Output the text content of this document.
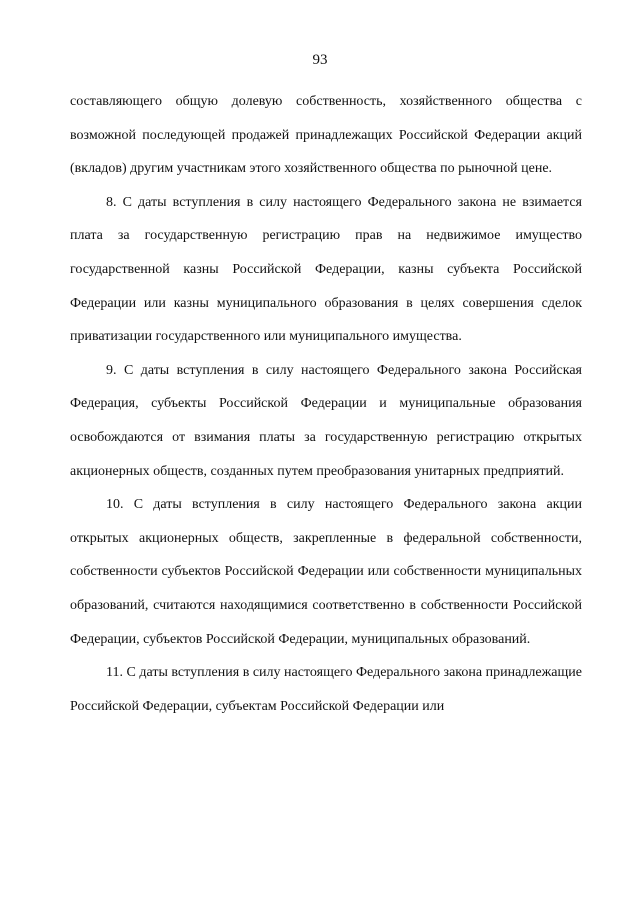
93

составляющего общую долевую собственность, хозяйственного общества с возможной последующей продажей принадлежащих Российской Федерации акций (вкладов) другим участникам этого хозяйственного общества по рыночной цене.

8. С даты вступления в силу настоящего Федерального закона не взимается плата за государственную регистрацию прав на недвижимое имущество государственной казны Российской Федерации, казны субъекта Российской Федерации или казны муниципального образования в целях совершения сделок приватизации государственного или муниципального имущества.

9. С даты вступления в силу настоящего Федерального закона Российская Федерация, субъекты Российской Федерации и муниципальные образования освобождаются от взимания платы за государственную регистрацию открытых акционерных обществ, созданных путем преобразования унитарных предприятий.

10. С даты вступления в силу настоящего Федерального закона акции открытых акционерных обществ, закрепленные в федеральной собственности, собственности субъектов Российской Федерации или собственности муниципальных образований, считаются находящимися соответственно в собственности Российской Федерации, субъектов Российской Федерации, муниципальных образований.

11. С даты вступления в силу настоящего Федерального закона принадлежащие Российской Федерации, субъектам Российской Федерации или
